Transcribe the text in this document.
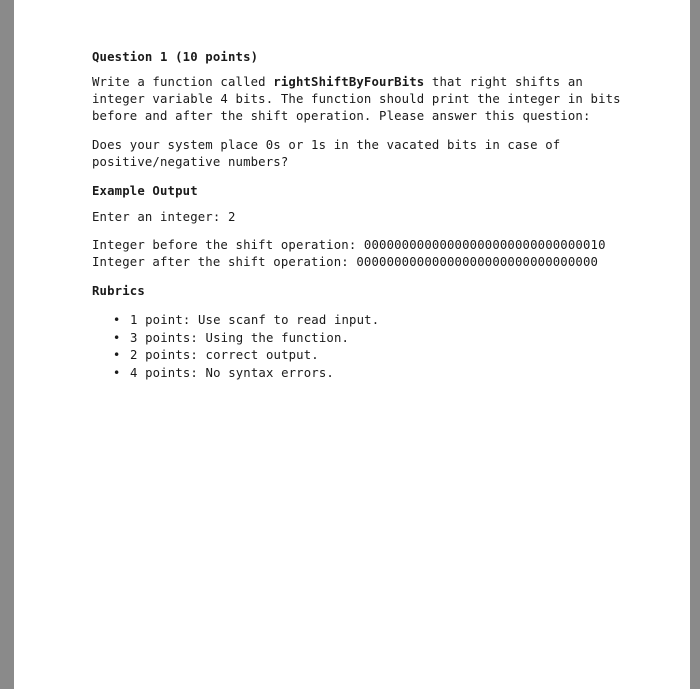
Question 1 (10 points)

Write a function called rightShiftByFourBits that right shifts an
integer variable 4 bits. The function should print the integer in bits
before and after the shift operation. Please answer this question:

Does your system place 0s or 1s in the vacated bits in case of
positive/negative numbers?

Example Output

Enter an integer: 2

Integer before the shift operation: 00000000000000000000000000000010

Integer after the shift operation: 00000000000000000000000000000000

Rubrics

• 1 point: Use scanf to read input.
• 3 points: Using the function.
• 2 points: correct output.
• 4 points: No syntax errors.
